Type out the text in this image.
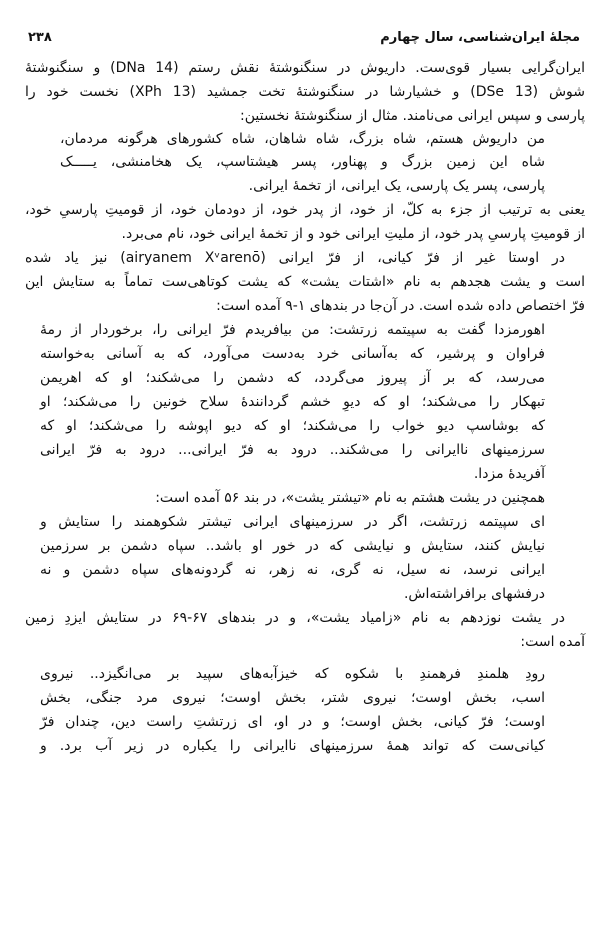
۲۳۸	مجلهٔ ایران‌شناسی، سال چهارم
ایران‌گرایی بسیار قوی‌ست. داریوش در سنگنوشتهٔ نقش رستم (DNa 14) و سنگنوشتهٔ
شوش (DSe 13) و خشیارشا در سنگنوشتهٔ تخت جمشید (XPh 13) نخست خود را
پارسی و سپس ایرانی می‌نامند. مثال از سنگنوشتهٔ نخستین:
من داریوش هستم، شاه بزرگ، شاه شاهان، شاه کشورهای هرگونه مردمان،
شاه این زمین بزرگ و پهناور، پسر هیشتاسپ، یک هخامنشی، یـــــک
پارسی، پسر یک پارسی، یک ایرانی، از تخمهٔ ایرانی.
یعنی به ترتیب از جزء به کلّ، از خود، از پدر خود، از دودمان خود، از قومیتِ پارسیِ خود،
از قومیتِ پارسیِ پدر خود، از ملیتِ ایرانی خود و از تخمهٔ ایرانی خود، نام می‌برد.
در اوستا غیر از فرّ کیانی، از فرّ ایرانی (airyanem Xᵛarenō) نیز یاد شده
است و یشت هجدهم به نام «اشتات یشت» که یشت کوتاهی‌ست تماماً به ستایش این
فرّ اختصاص داده شده است. در آن‌جا در بندهای ۱-۹ آمده است:
اهورمزدا گفت به سپیتمه زرتشت: من بیافریدم فرّ ایرانی را، برخوردار از رمهٔ
فراوان و پرشیر، که به‌آسانی خرد به‌دست می‌آورد، که به آسانی به‌خواسته
می‌رسد، که بر آز پیروز می‌گردد، که دشمن را می‌شکند؛ او که اهریمن
تبهکار را می‌شکند؛ او که دیوِ خشم گردانندهٔ سلاح خونین را می‌شکند؛ او
که بوشاسپ دیو خواب را می‌شکند؛ او که دیو اپوشه را می‌شکند؛ او که
سرزمینهای ناایرانی را می‌شکند.. درود به فرّ ایرانی... درود به فرّ ایرانی
آفریدهٔ مزدا.
همچنین در یشت هشتم به نام «تیشتر یشت»، در بند ۵۶ آمده است:
ای سپیتمه زرتشت، اگر در سرزمینهای ایرانی تیشتر شکوهمند را ستایش و
نیایش کنند، ستایش و نیایشی که در خور او باشد.. سپاه دشمن بر سرزمین
ایرانی نرسد، نه سیل، نه گری، نه زهر، نه گردونه‌های سپاه دشمن و نه
درفشهای برافراشته‌اش.
در یشت نوزدهم به نام «زامیاد یشت»، و در بندهای ۶۷-۶۹ در ستایش ایزدِ زمین
آمده است:
رودِ هلمندِ فرهمندِ با شکوه که خیزآبه‌های سپید بر می‌انگیزد.. نیروی
اسب، بخش اوست؛ نیروی شتر، بخش اوست؛ نیروی مرد جنگی، بخش
اوست؛ فرّ کیانی، بخش اوست؛ و در او، ای زرتشتِ راست دین، چندان فرّ
کیانی‌ست که تواند همهٔ سرزمینهای ناایرانی را یکباره در زیر آب برد. و
